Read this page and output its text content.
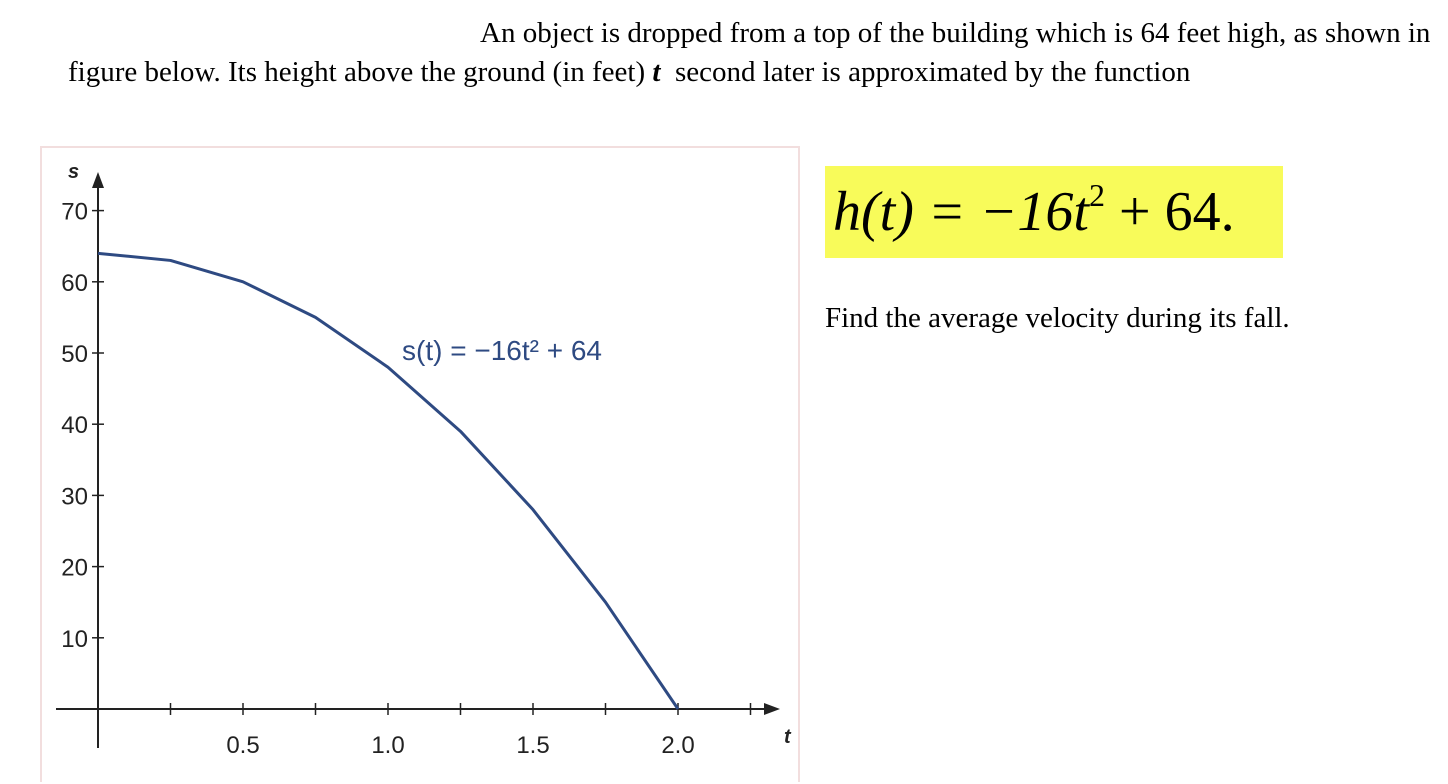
An object is dropped from a top of the building which is 64 feet high, as shown in figure below. Its height above the ground (in feet) t second later is approximated by the function

0.5	1.0	1.5	2.0
10
20
30
40
50
60
70
s
t
s(t) = −16t² + 64
$h(t) = -16t^2 + 64$.

Find the average velocity during its fall.
